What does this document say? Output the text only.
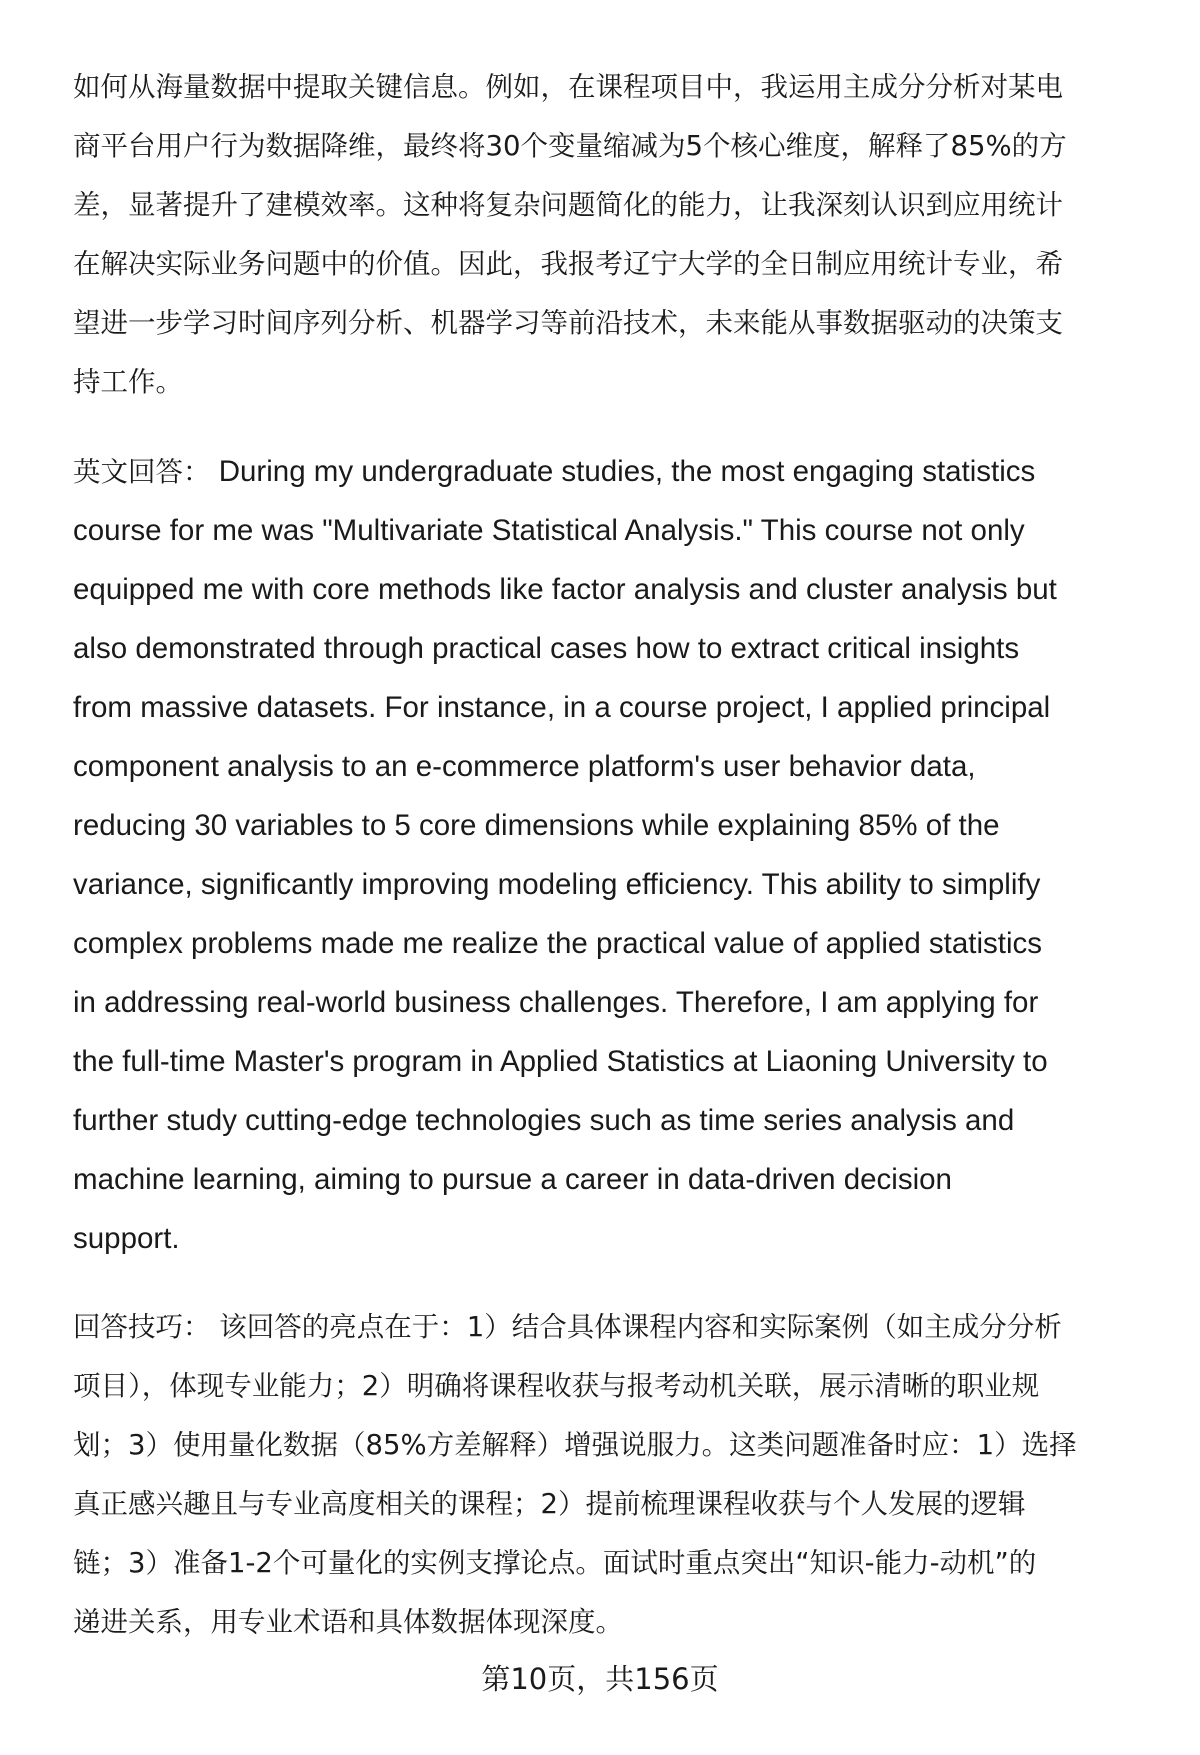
如何从海量数据中提取关键信息。例如，在课程项目中，我运用主成分分析对某电
商平台用户行为数据降维，最终将30个变量缩减为5个核心维度，解释了85%的方
差，显著提升了建模效率。这种将复杂问题简化的能力，让我深刻认识到应用统计
在解决实际业务问题中的价值。因此，我报考辽宁大学的全日制应用统计专业，希
望进一步学习时间序列分析、机器学习等前沿技术，未来能从事数据驱动的决策支
持工作。
英文回答： During my undergraduate studies, the most engaging statistics
course for me was "Multivariate Statistical Analysis." This course not only
equipped me with core methods like factor analysis and cluster analysis but
also demonstrated through practical cases how to extract critical insights
from massive datasets. For instance, in a course project, I applied principal
component analysis to an e-commerce platform's user behavior data,
reducing 30 variables to 5 core dimensions while explaining 85% of the
variance, significantly improving modeling efficiency. This ability to simplify
complex problems made me realize the practical value of applied statistics
in addressing real-world business challenges. Therefore, I am applying for
the full-time Master's program in Applied Statistics at Liaoning University to
further study cutting-edge technologies such as time series analysis and
machine learning, aiming to pursue a career in data-driven decision
support.
回答技巧： 该回答的亮点在于：1）结合具体课程内容和实际案例（如主成分分析
项目），体现专业能力；2）明确将课程收获与报考动机关联，展示清晰的职业规
划；3）使用量化数据（85%方差解释）增强说服力。这类问题准备时应：1）选择
真正感兴趣且与专业高度相关的课程；2）提前梳理课程收获与个人发展的逻辑
链；3）准备1-2个可量化的实例支撑论点。面试时重点突出“知识-能力-动机”的
递进关系，用专业术语和具体数据体现深度。
第10页，共156页
